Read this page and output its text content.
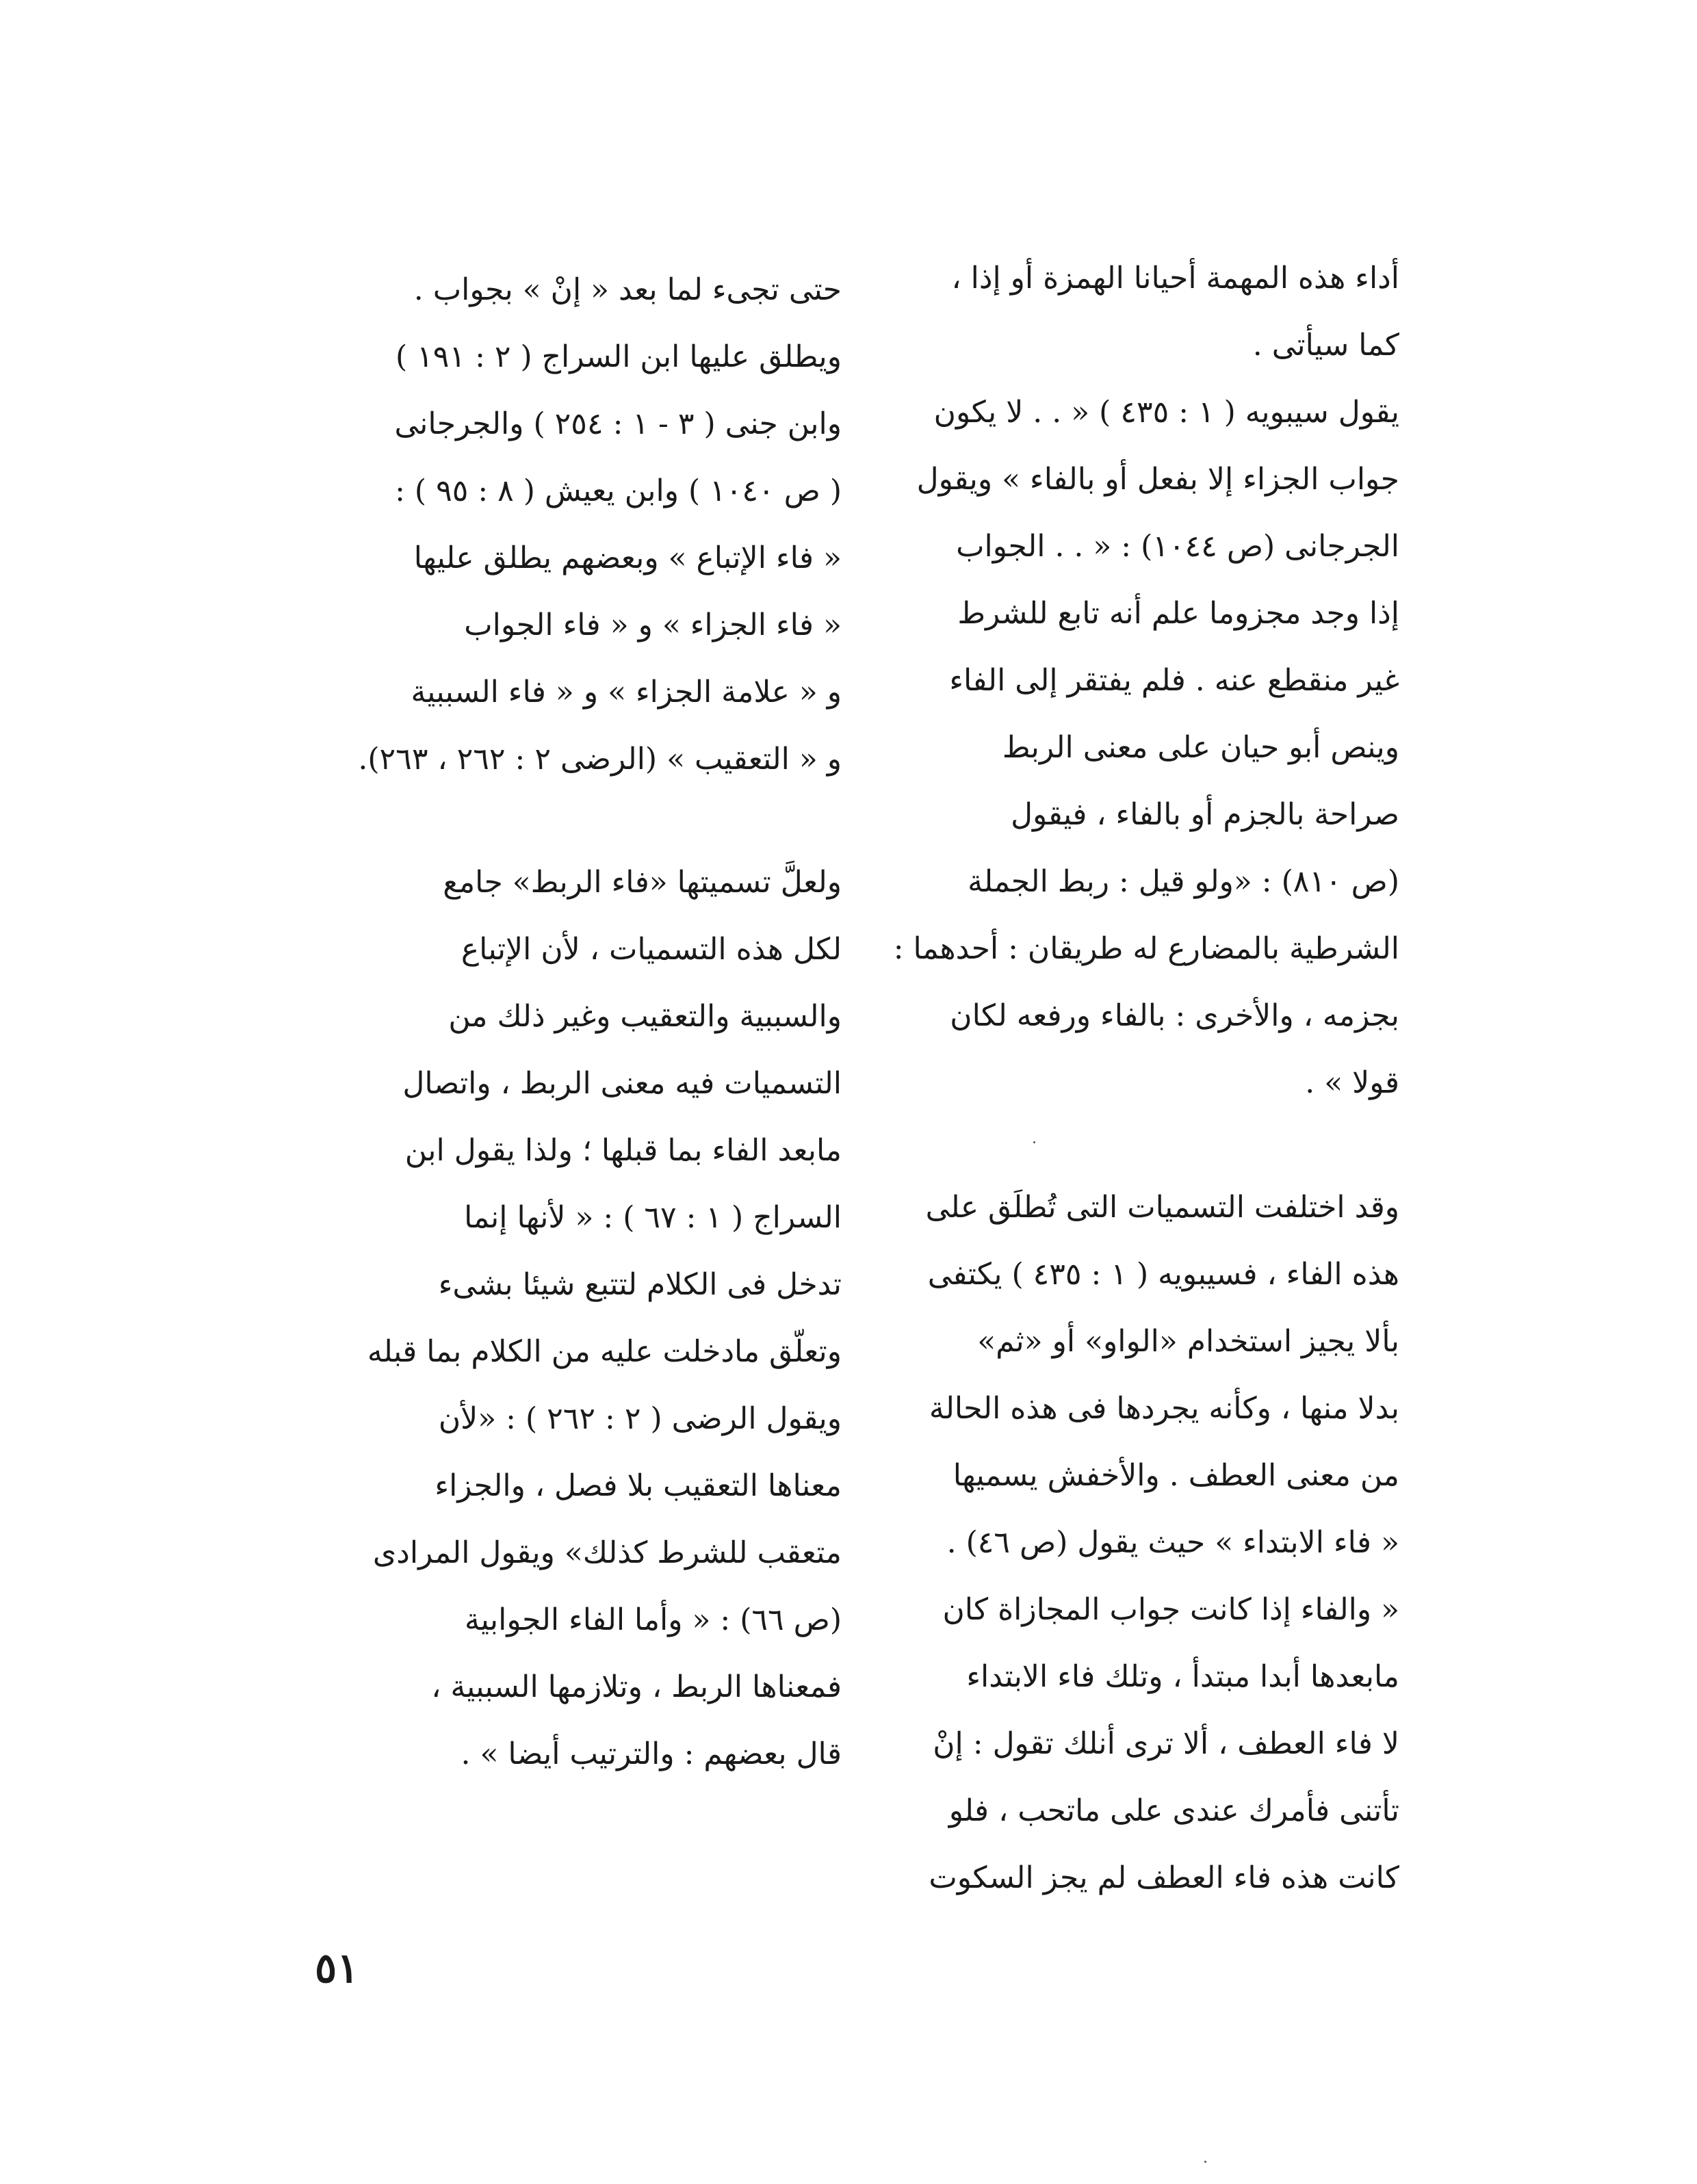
أداء هذه المهمة أحيانا الهمزة أو إذا ،
كما سيأتى .
يقول سيبويه ( ١ : ٤٣٥ ) « . . لا يكون
جواب الجزاء إلا بفعل أو بالفاء » ويقول
الجرجانى (ص ١٠٤٤) : « . . الجواب
إذا وجد مجزوما علم أنه تابع للشرط
غير منقطع عنه . فلم يفتقر إلى الفاء
وينص أبو حيان على معنى الربط
صراحة بالجزم أو بالفاء ، فيقول
(ص ٨١٠) : «ولو قيل : ربط الجملة
الشرطية بالمضارع له طريقان : أحدهما :
بجزمه ، والأخرى : بالفاء ورفعه لكان
قولا » .
وقد اختلفت التسميات التى تُطلَق على
هذه الفاء ، فسيبويه ( ١ : ٤٣٥ ) يكتفى
بألا يجيز استخدام «الواو» أو «ثم»
بدلا منها ، وكأنه يجردها فى هذه الحالة
من معنى العطف . والأخفش يسميها
« فاء الابتداء » حيث يقول (ص ٤٦) .
« والفاء إذا كانت جواب المجازاة كان
مابعدها أبدا مبتدأ ، وتلك فاء الابتداء
لا فاء العطف ، ألا ترى أنلك تقول : إنْ
تأتنى فأمرك عندى على ماتحب ، فلو
كانت هذه فاء العطف لم يجز السكوت
حتى تجىء لما بعد « إنْ » بجواب .
ويطلق عليها ابن السراج ( ٢ : ١٩١ )
وابن جنى ( ٣ - ١ : ٢٥٤ ) والجرجانى
( ص ١٠٤٠ ) وابن يعيش ( ٨ : ٩٥ ) :
« فاء الإتباع » وبعضهم يطلق عليها
« فاء الجزاء » و « فاء الجواب
و « علامة الجزاء » و « فاء السببية
و « التعقيب » (الرضى ٢ : ٢٦٢ ، ٢٦٣).
ولعلَّ تسميتها «فاء الربط» جامع
لكل هذه التسميات ، لأن الإتباع
والسببية والتعقيب وغير ذلك من
التسميات فيه معنى الربط ، واتصال
مابعد الفاء بما قبلها ؛ ولذا يقول ابن
السراج ( ١ : ٦٧ ) : « لأنها إنما
تدخل فى الكلام لتتبع شيئا بشىء
وتعلّق مادخلت عليه من الكلام بما قبله
ويقول الرضى ( ٢ : ٢٦٢ ) : «لأن
معناها التعقيب بلا فصل ، والجزاء
متعقب للشرط كذلك» ويقول المرادى
(ص ٦٦) : « وأما الفاء الجوابية
فمعناها الربط ، وتلازمها السببية ،
قال بعضهم : والترتيب أيضا » .
٥١
